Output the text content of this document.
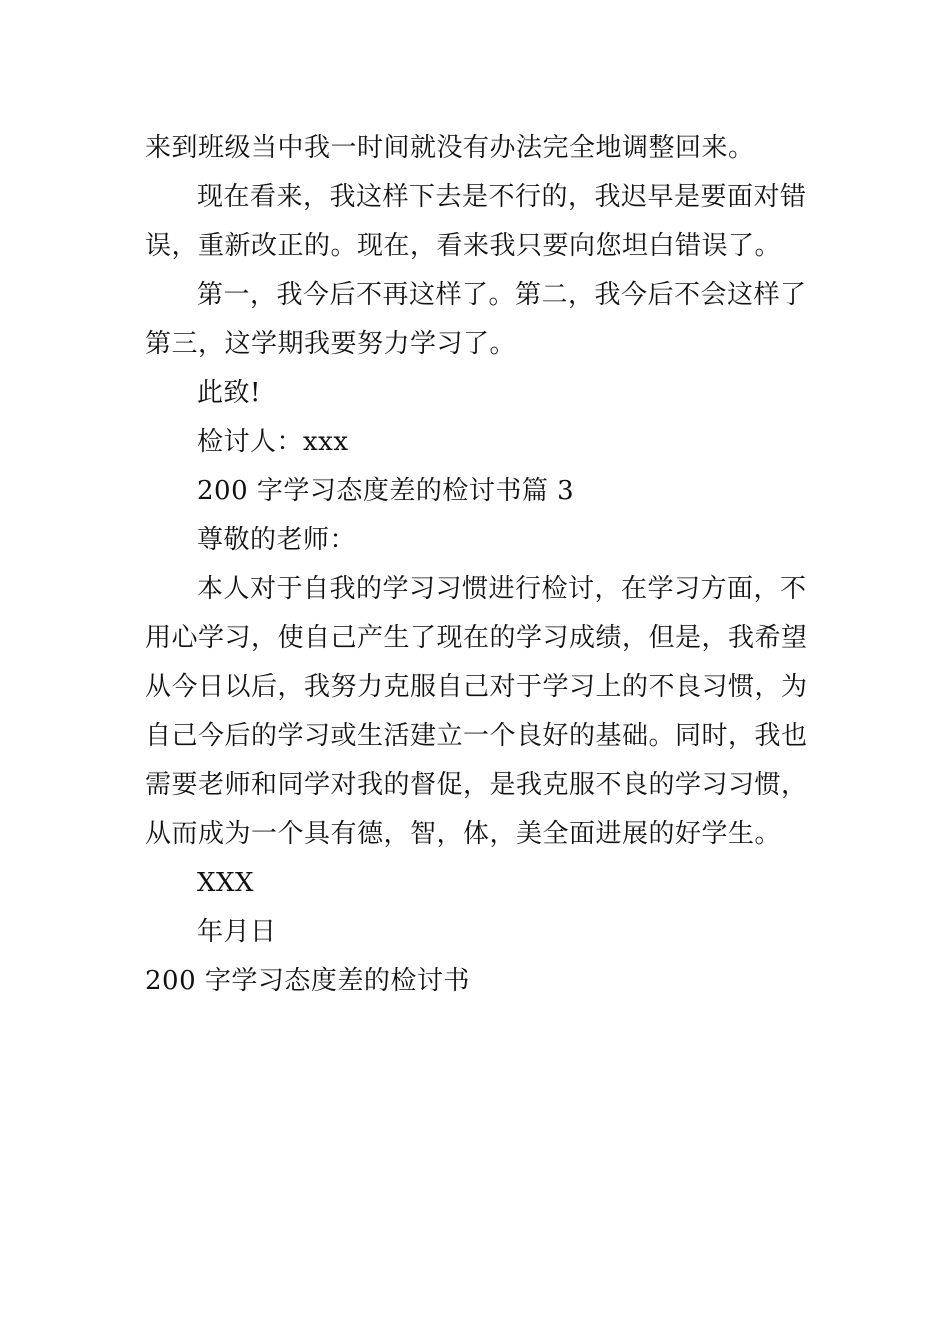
来到班级当中我一时间就没有办法完全地调整回来。
现在看来，我这样下去是不行的，我迟早是要面对错
误，重新改正的。现在，看来我只要向您坦白错误了。
第一，我今后不再这样了。第二，我今后不会这样了
第三，这学期我要努力学习了。
此致!
检讨人：xxx
200 字学习态度差的检讨书篇 3
尊敬的老师：
本人对于自我的学习习惯进行检讨，在学习方面，不
用心学习，使自己产生了现在的学习成绩，但是，我希望
从今日以后，我努力克服自己对于学习上的不良习惯，为
自己今后的学习或生活建立一个良好的基础。同时，我也
需要老师和同学对我的督促，是我克服不良的学习习惯，
从而成为一个具有德，智，体，美全面进展的好学生。
XXX
年月日
200 字学习态度差的检讨书
